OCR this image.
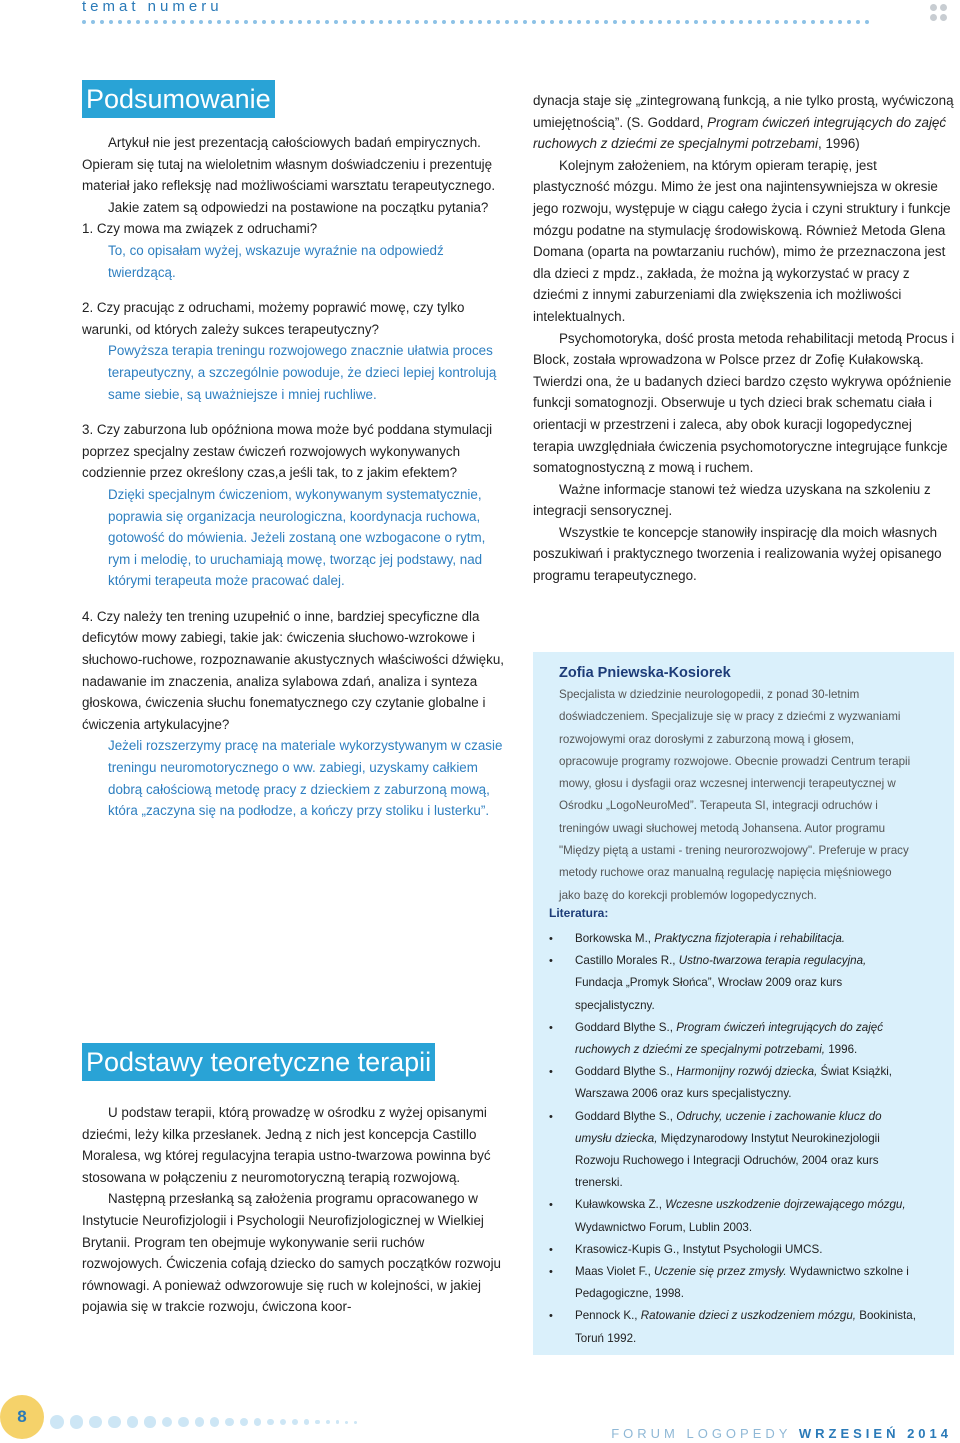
temat numeru
Podsumowanie

Artykuł nie jest prezentacją całościowych badań empirycznych. Opieram się tutaj na wieloletnim własnym doświadczeniu i prezentuję materiał jako refleksję nad możliwościami warsztatu terapeutycznego.

Jakie zatem są odpowiedzi na postawione na początku pytania?

1. Czy mowa ma związek z odruchami?

To, co opisałam wyżej, wskazuje wyraźnie na odpowiedź twierdzącą.

2. Czy pracując z odruchami, możemy poprawić mowę, czy tylko warunki, od których zależy sukces terapeutyczny?

Powyższa terapia treningu rozwojowego znacznie ułatwia proces terapeutyczny, a szczególnie powoduje, że dzieci lepiej kontrolują same siebie, są uważniejsze i mniej ruchliwe.

3. Czy zaburzona lub opóźniona mowa może być poddana stymulacji poprzez specjalny zestaw ćwiczeń rozwojowych wykonywanych codziennie przez określony czas,a jeśli tak, to z jakim efektem?

Dzięki specjalnym ćwiczeniom, wykonywanym systematycznie, poprawia się organizacja neurologiczna, koordynacja ruchowa, gotowość do mówienia. Jeżeli zostaną one wzbogacone o rytm, rym i melodię, to uruchamiają mowę, tworząc jej podstawy, nad którymi terapeuta może pracować dalej.

4. Czy należy ten trening uzupełnić o inne, bardziej specyficzne dla deficytów mowy zabiegi, takie jak: ćwiczenia słuchowo-wzrokowe i słuchowo-ruchowe, rozpoznawanie akustycznych właściwości dźwięku, nadawanie im znaczenia, analiza sylabowa zdań, analiza i synteza głoskowa, ćwiczenia słuchu fonematycznego czy czytanie globalne i ćwiczenia artykulacyjne?

Jeżeli rozszerzymy pracę na materiale wykorzystywanym w czasie treningu neuromotorycznego o ww. zabiegi, uzyskamy całkiem dobrą całościową metodę pracy z dzieckiem z zaburzoną mową, która „zaczyna się na podłodze, a kończy przy stoliku i lusterku”.

Podstawy teoretyczne terapii

U podstaw terapii, którą prowadzę w ośrodku z wyżej opisanymi dziećmi, leży kilka przesłanek. Jedną z nich jest koncepcja Castillo Moralesa, wg której regulacyjna terapia ustno-twarzowa powinna być stosowana w połączeniu z neuromotoryczną terapią rozwojową.

Następną przesłanką są założenia programu opracowanego w Instytucie Neurofizjologii i Psychologii Neurofizjologicznej w Wielkiej Brytanii. Program ten obejmuje wykonywanie serii ruchów rozwojowych. Ćwiczenia cofają dziecko do samych początków rozwoju równowagi. A ponieważ odwzorowuje się ruch w kolejności, w jakiej pojawia się w trakcie rozwoju, ćwiczona koor-

dynacja staje się „zintegrowaną funkcją, a nie tylko prostą, wyćwiczoną umiejętnością”. (S. Goddard, Program ćwiczeń integrujących do zajęć ruchowych z dziećmi ze specjalnymi potrzebami, 1996)

Kolejnym założeniem, na którym opieram terapię, jest plastyczność mózgu. Mimo że jest ona najintensywniejsza w okresie jego rozwoju, występuje w ciągu całego życia i czyni struktury i funkcje mózgu podatne na stymulację środowiskową. Również Metoda Glena Domana (oparta na powtarzaniu ruchów), mimo że przeznaczona jest dla dzieci z mpdz., zakłada, że można ją wykorzystać w pracy z dziećmi z innymi zaburzeniami dla zwiększenia ich możliwości intelektualnych.

Psychomotoryka, dość prosta metoda rehabilitacji metodą Procus i Block, została wprowadzona w Polsce przez dr Zofię Kułakowską. Twierdzi ona, że u badanych dzieci bardzo często wykrywa opóźnienie funkcji somatognozji. Obserwuje u tych dzieci brak schematu ciała i orientacji w przestrzeni i zaleca, aby obok kuracji logopedycznej terapia uwzględniała ćwiczenia psychomotoryczne integrujące funkcje somatognostyczną z mową i ruchem.

Ważne informacje stanowi też wiedza uzyskana na szkoleniu z integracji sensorycznej.

Wszystkie te koncepcje stanowiły inspirację dla moich własnych poszukiwań i praktycznego tworzenia i realizowania wyżej opisanego programu terapeutycznego.

Zofia Pniewska-Kosiorek

Specjalista w dziedzinie neurologopedii, z ponad 30-letnim doświadczeniem. Specjalizuje się w pracy z dziećmi z wyzwaniami rozwojowymi oraz dorosłymi z zaburzoną mową i głosem, opracowuje programy rozwojowe. Obecnie prowadzi Centrum terapii mowy, głosu i dysfagii oraz wczesnej interwencji terapeutycznej w Ośrodku „LogoNeuroMed”. Terapeuta SI, integracji odruchów i treningów uwagi słuchowej metodą Johansena. Autor programu "Między piętą a ustami - trening neurorozwojowy". Preferuje w pracy metody ruchowe oraz manualną regulację napięcia mięśniowego jako bazę do korekcji problemów logopedycznych.

Literatura:
• Borkowska M., Praktyczna fizjoterapia i rehabilitacja.
• Castillo Morales R., Ustno-twarzowa terapia regulacyjna, Fundacja „Promyk Słońca”, Wrocław 2009 oraz kurs specjalistyczny.
• Goddard Blythe S., Program ćwiczeń integrujących do zajęć ruchowych z dziećmi ze specjalnymi potrzebami, 1996.
• Goddard Blythe S., Harmonijny rozwój dziecka, Świat Książki, Warszawa 2006 oraz kurs specjalistyczny.
• Goddard Blythe S., Odruchy, uczenie i zachowanie klucz do umysłu dziecka, Międzynarodowy Instytut Neurokinezjologii Rozwoju Ruchowego i Integracji Odruchów, 2004 oraz kurs trenerski.
• Kuławkowska Z., Wczesne uszkodzenie dojrzewającego mózgu, Wydawnictwo Forum, Lublin 2003.
• Krasowicz-Kupis G., Instytut Psychologii UMCS.
• Maas Violet F., Uczenie się przez zmysły. Wydawnictwo szkolne i Pedagogiczne, 1998.
• Pennock K., Ratowanie dzieci z uszkodzeniem mózgu, Bookinista, Toruń 1992.
8
FORUM LOGOPEDY WRZESIEŃ 2014
